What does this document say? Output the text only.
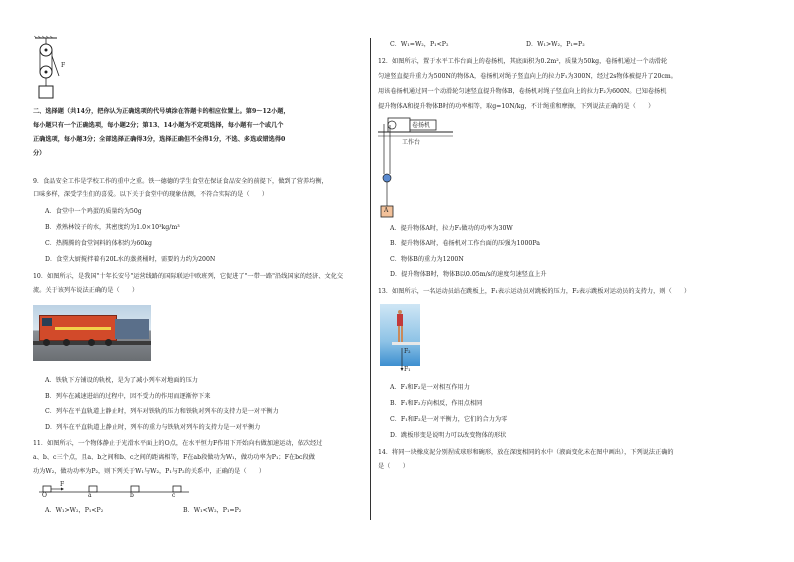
F
二、选择题（共14分，把你认为正确选项的代号填涂在答题卡的相应位置上。第9～12小题，
每小题只有一个正确选项，每小题2分；第13、14小题为不定项选择，每小题有一个或几个
正确选项，每小题3分；全部选择正确得3分，选择正确但不全得1分，不选、多选或错选得0
分）
9．食品安全工作是学校工作的重中之重。铁一德德的学生食堂在保证食品安全的前提下，做到了营养均衡，
口味多样，深受学生们的喜爱。以下关于食堂中的现象估测，不符合实际的是（　　）
A．食堂中一个鸡蛋的质量约为50g
B．煮熟林饺子的水，其密度约为1.0×10³kg/m³
C．热腾腾的食堂饲料的体积约为60kg
D．食堂大厨搅拌着有20L水的蒸煮桶时，需要的力约为200N
10．如图所示，是我国"十年长安号"运营线路的国际联运中欧班列，它促进了"一带一路"沿线国家的经济、文化交
流。关于该列车说法正确的是（　　）
A．铁轨下方铺设的轨枕，是为了减小列车对地面的压力
B．列车在减速进站的过程中，因不受力的作用而逐渐停下来
C．列车在平直轨道上静止时，列车对铁轨的压力和铁轨对列车的支持力是一对平衡力
D．列车在平直轨道上静止时，列车的重力与铁轨对列车的支持力是一对平衡力
11．如图所示，一个物体静止于光滑水平面上的O点，在水平恒力F作用下开始向右做加速运动，依次经过
a、b、c三个点，且a、b之间和b、c之间的距离相等，F在ab段做功为W₁，做功功率为P₁；F在bc段做
功为W₂，做功功率为P₂，则下列关于W₁与W₂，P₁与P₂的关系中，正确的是（　　）
F
O	a	b	c
A．W₁>W₂，P₁<P₂	B．W₁<W₂，P₁=P₂
C．W₁=W₂，P₁<P₂	D．W₁>W₂，P₁=P₂
12．如图所示，置于水平工作台面上的卷扬机，其底面积为0.2m²，质量为50kg，卷扬机通过一个动滑轮
匀速竖直提升重力为500N的物体A，卷扬机对绳子竖直向上的拉力F₁为300N，经过2s物体被提升了20cm。
用该卷扬机通过同一个动滑轮匀速竖直提升物体B，卷扬机对绳子竖直向上的拉力F₂为600N。已知卷扬机
提升物体A和提升物体B时的功率相等，取g=10N/kg，不计绳重和摩擦，下列说法正确的是（　　）
卷扬机
工作台
A
A．提升物体A时，拉力F₁做功的功率为30W
B．提升物体A时，卷扬机对工作台面的压强为1000Pa
C．物体B的重力为1200N
D．提升物体B时，物体B以0.05m/s的速度匀速竖直上升
13．如图所示，一名运动员站在跳板上，F₁表示运动员对跳板的压力，F₂表示跳板对运动员的支持力，则（　　）
F₂
F₁
A．F₁和F₂是一对相互作用力
B．F₁和F₂方向相反，作用点相同
C．F₁和F₂是一对平衡力，它们的合力为零
D．跳板形变是说明力可以改变物体的形状
14．将同一块橡皮泥分别捏成球形和碗形，放在深度相同的水中（液面变化未在图中画出），下列说法正确的
是（　　）
